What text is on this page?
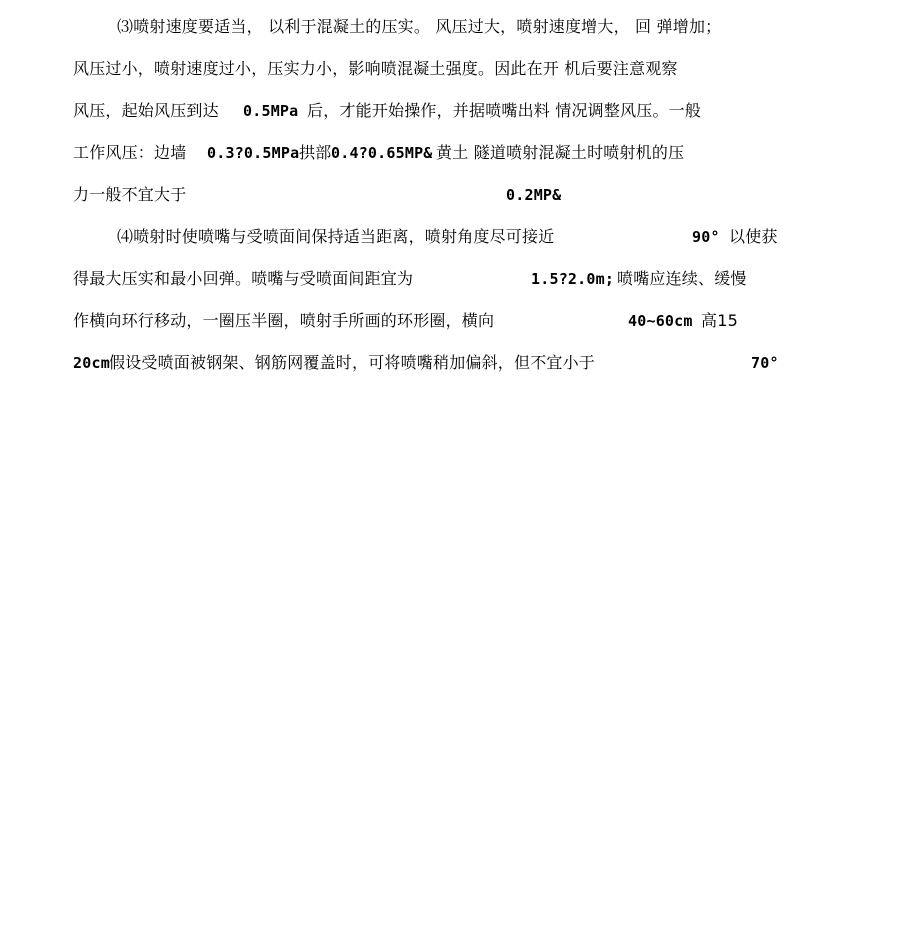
⑶喷射速度要适当， 以利于混凝土的压实。 风压过大，喷射速度增大， 回 弹增加；
风压过小，喷射速度过小，压实力小，影响喷混凝土强度。因此在开 机后要注意观察
风压，起始风压到达 0.5MPa 后，才能开始操作，并据喷嘴出料 情况调整风压。一般
工作风压：边墙 0.3?0.5MPa 拱部 0.4?0.65MP& 黄土 隧道喷射混凝土时喷射机的压
力一般不宜大于	0.2MP&
⑷喷射时使喷嘴与受喷面间保持适当距离，喷射角度尽可接近	90° 以使获
得最大压实和最小回弹。喷嘴与受喷面间距宜为	1.5?2.0m; 喷嘴应连续、缓慢
作横向环行移动，一圈压半圈，喷射手所画的环形圈，横向	40~60cm 高15
20cm 假设受喷面被钢架、钢筋网覆盖时，可将喷嘴稍加偏斜，但不宜小于	70°
